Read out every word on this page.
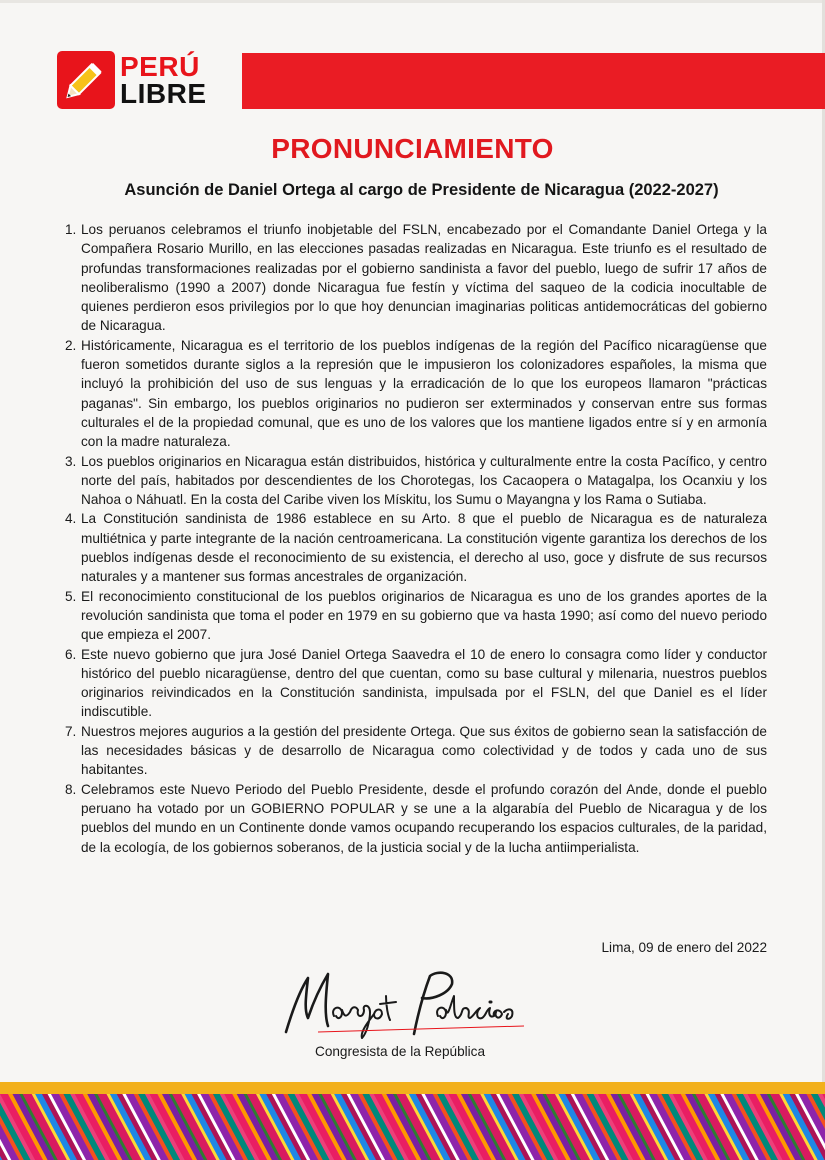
PERÚ
LIBRE
PRONUNCIAMIENTO
Asunción de Daniel Ortega al cargo de Presidente de Nicaragua (2022-2027)
1. Los peruanos celebramos el triunfo inobjetable del FSLN, encabezado por el Comandante Daniel Ortega y la Compañera Rosario Murillo, en las elecciones pasadas realizadas en Nicaragua. Este triunfo es el resultado de profundas transformaciones realizadas por el gobierno sandinista a favor del pueblo, luego de sufrir 17 años de neoliberalismo (1990 a 2007) donde Nicaragua fue festín y víctima del saqueo de la codicia inocultable de quienes perdieron esos privilegios por lo que hoy denuncian imaginarias politicas antidemocráticas del gobierno de Nicaragua.
2. Históricamente, Nicaragua es el territorio de los pueblos indígenas de la región del Pacífico nicaragüense que fueron sometidos durante siglos a la represión que le impusieron los colonizadores españoles, la misma que incluyó la prohibición del uso de sus lenguas y la erradicación de lo que los europeos llamaron "prácticas paganas". Sin embargo, los pueblos originarios no pudieron ser exterminados y conservan entre sus formas culturales el de la propiedad comunal, que es uno de los valores que los mantiene ligados entre sí y en armonía con la madre naturaleza.
3. Los pueblos originarios en Nicaragua están distribuidos, histórica y culturalmente entre la costa Pacífico, y centro norte del país, habitados por descendientes de los Chorotegas, los Cacaopera o Matagalpa, los Ocanxiu y los Nahoa o Náhuatl. En la costa del Caribe viven los Mískitu, los Sumu o Mayangna y los Rama o Sutiaba.
4. La Constitución sandinista de 1986 establece en su Arto. 8 que el pueblo de Nicaragua es de naturaleza multiétnica y parte integrante de la nación centroamericana. La constitución vigente garantiza los derechos de los pueblos indígenas desde el reconocimiento de su existencia, el derecho al uso, goce y disfrute de sus recursos naturales y a mantener sus formas ancestrales de organización.
5. El reconocimiento constitucional de los pueblos originarios de Nicaragua es uno de los grandes aportes de la revolución sandinista que toma el poder en 1979 en su gobierno que va hasta 1990; así como del nuevo periodo que empieza el 2007.
6. Este nuevo gobierno que jura José Daniel Ortega Saavedra el 10 de enero lo consagra como líder y conductor histórico del pueblo nicaragüense, dentro del que cuentan, como su base cultural y milenaria, nuestros pueblos originarios reivindicados en la Constitución sandinista, impulsada por el FSLN, del que Daniel es el líder indiscutible.
7. Nuestros mejores augurios a la gestión del presidente Ortega. Que sus éxitos de gobierno sean la satisfacción de las necesidades básicas y de desarrollo de Nicaragua como colectividad y de todos y cada uno de sus habitantes.
8. Celebramos este Nuevo Periodo del Pueblo Presidente, desde el profundo corazón del Ande, donde el pueblo peruano ha votado por un GOBIERNO POPULAR y se une a la algarabía del Pueblo de Nicaragua y de los pueblos del mundo en un Continente donde vamos ocupando recuperando los espacios culturales, de la paridad, de la ecología, de los gobiernos soberanos, de la justicia social y de la lucha antiimperialista.
Lima, 09 de enero del 2022
Congresista de la República
